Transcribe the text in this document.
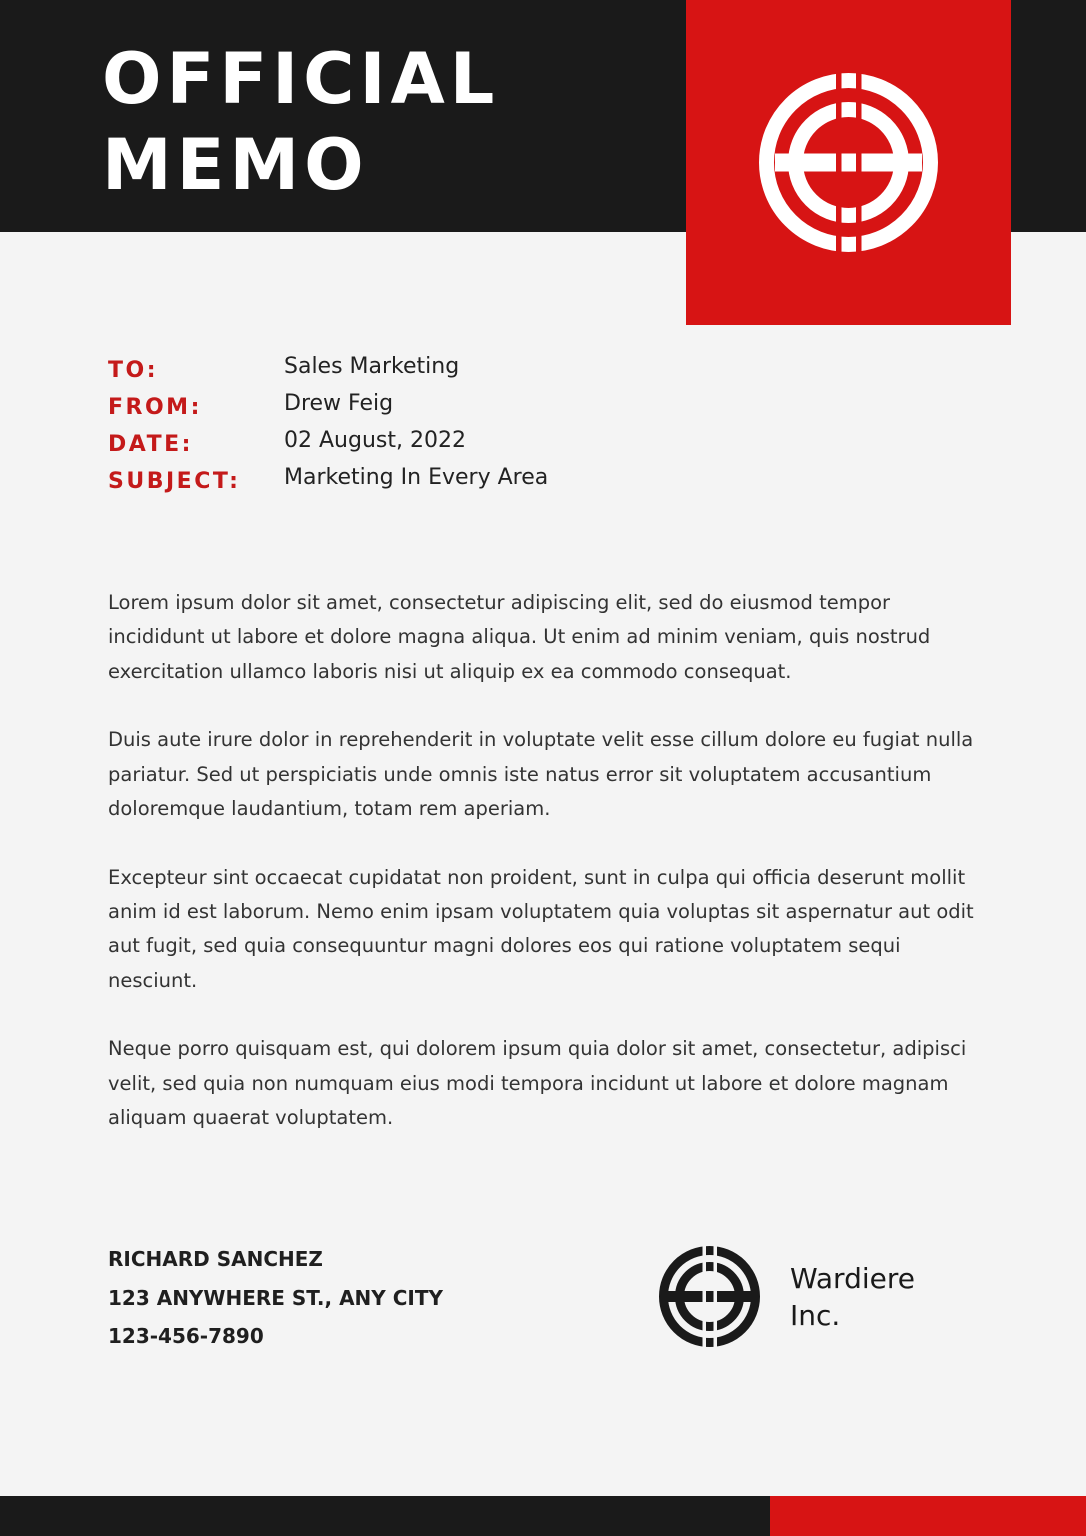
OFFICIAL
MEMO
TO:	Sales Marketing
FROM:	Drew Feig
DATE:	02 August, 2022
SUBJECT: Marketing In Every Area

Lorem ipsum dolor sit amet, consectetur adipiscing elit, sed do eiusmod tempor incididunt ut labore et dolore magna aliqua. Ut enim ad minim veniam, quis nostrud exercitation ullamco laboris nisi ut aliquip ex ea commodo consequat.

Duis aute irure dolor in reprehenderit in voluptate velit esse cillum dolore eu fugiat nulla pariatur. Sed ut perspiciatis unde omnis iste natus error sit voluptatem accusantium doloremque laudantium, totam rem aperiam.

Excepteur sint occaecat cupidatat non proident, sunt in culpa qui officia deserunt mollit anim id est laborum. Nemo enim ipsam voluptatem quia voluptas sit aspernatur aut odit aut fugit, sed quia consequuntur magni dolores eos qui ratione voluptatem sequi nesciunt.

Neque porro quisquam est, qui dolorem ipsum quia dolor sit amet, consectetur, adipisci velit, sed quia non numquam eius modi tempora incidunt ut labore et dolore magnam aliquam quaerat voluptatem.

RICHARD SANCHEZ
123 ANYWHERE ST., ANY CITY
123-456-7890
Wardiere
Inc.
